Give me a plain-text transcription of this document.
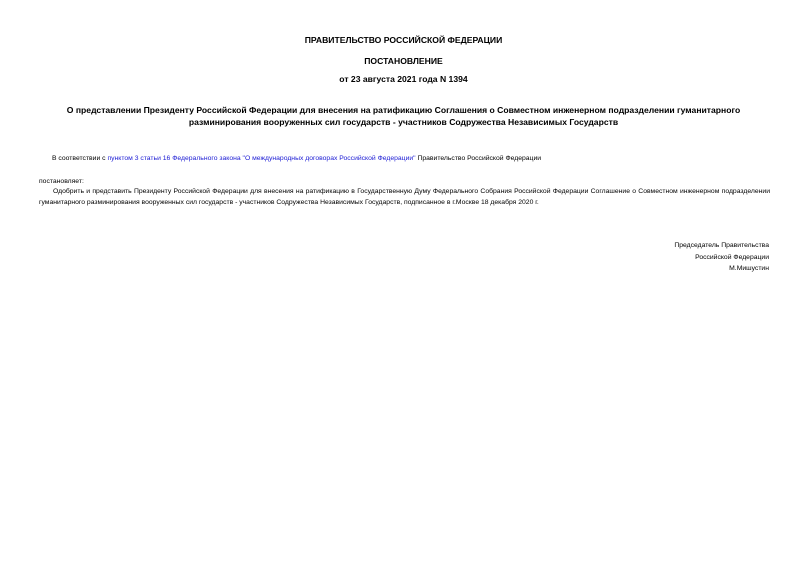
ПРАВИТЕЛЬСТВО РОССИЙСКОЙ ФЕДЕРАЦИИ

ПОСТАНОВЛЕНИЕ

от 23 августа 2021 года N 1394

О представлении Президенту Российской Федерации для внесения на ратификацию Соглашения о Совместном инженерном подразделении гуманитарного разминирования вооруженных сил государств - участников Содружества Независимых Государств

В соответствии с пунктом 3 статьи 16 Федерального закона "О международных договорах Российской Федерации" Правительство Российской Федерации

постановляет:

Одобрить и представить Президенту Российской Федерации для внесения на ратификацию в Государственную Думу Федерального Собрания Российской Федерации Соглашение о Совместном инженерном подразделении гуманитарного разминирования вооруженных сил государств - участников Содружества Независимых Государств, подписанное в г.Москве 18 декабря 2020 г.

Председатель Правительства
Российской Федерации
М.Мишустин
